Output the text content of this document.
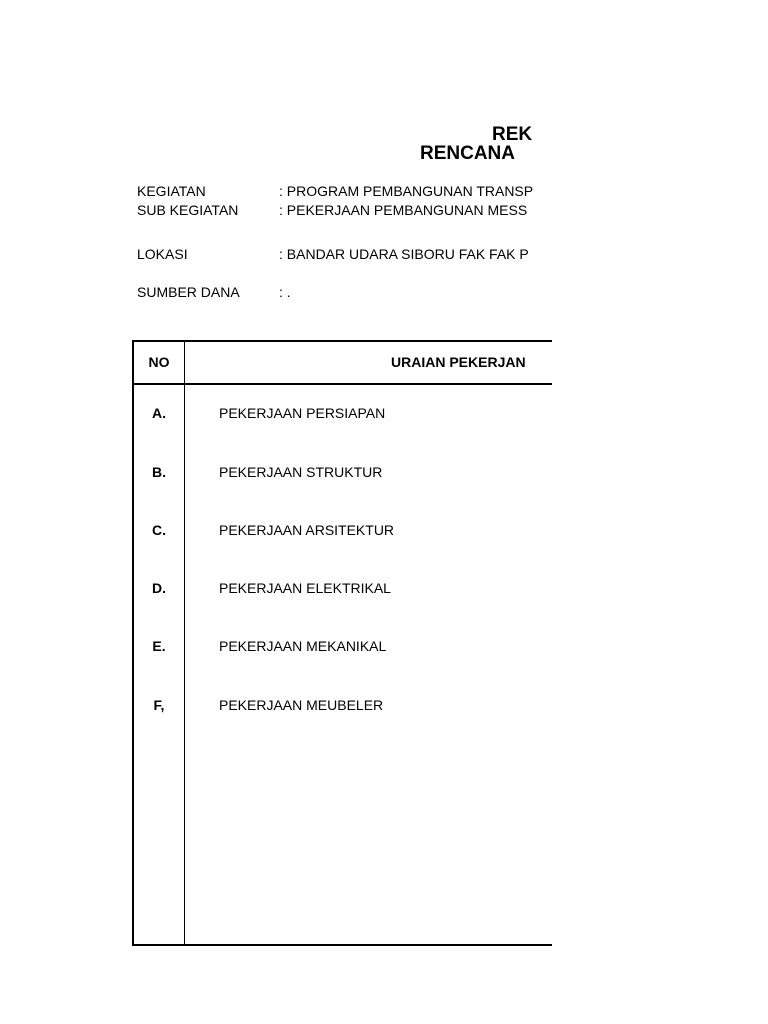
REK
RENCANA
KEGIATAN	: PROGRAM PEMBANGUNAN TRANSP
SUB KEGIATAN	: PEKERJAAN PEMBANGUNAN MESS
LOKASI	: BANDAR UDARA SIBORU FAK FAK P
SUMBER DANA	: .
NO	URAIAN PEKERJAN
A.	PEKERJAAN PERSIAPAN
B.	PEKERJAAN STRUKTUR
C.	PEKERJAAN ARSITEKTUR
D.	PEKERJAAN ELEKTRIKAL
E.	PEKERJAAN MEKANIKAL
F,	PEKERJAAN MEUBELER
